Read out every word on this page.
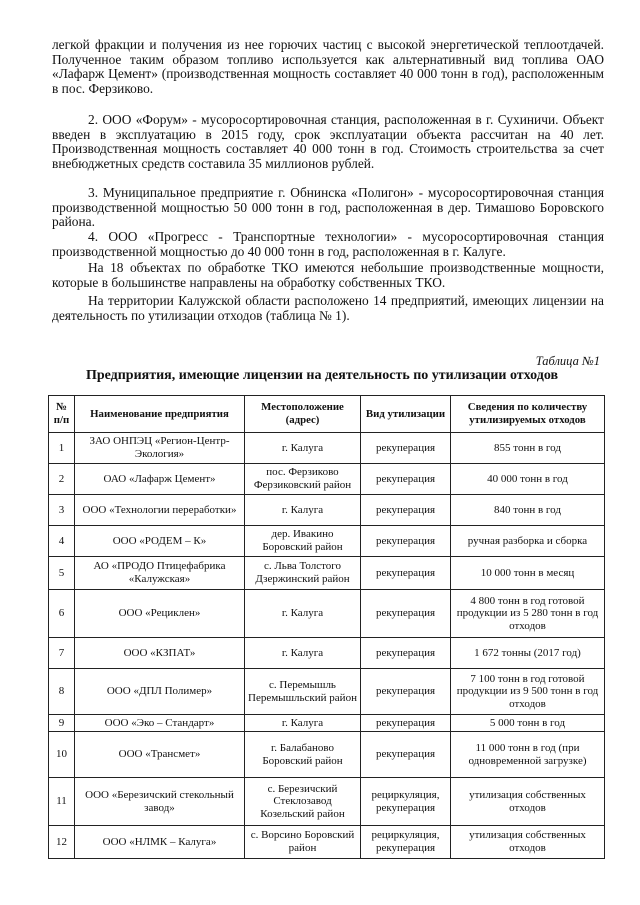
легкой фракции и получения из нее горючих частиц с высокой энергетической теплоотдачей. Полученное таким образом топливо используется как альтернативный вид топлива ОАО «Лафарж Цемент» (производственная мощность составляет 40 000 тонн в год), расположенным в пос. Ферзиково.

2. ООО «Форум» - мусоросортировочная станция, расположенная в г. Сухиничи. Объект введен в эксплуатацию в 2015 году, срок эксплуатации объекта рассчитан на 40 лет. Производственная мощность составляет 40 000 тонн в год. Стоимость строительства за счет внебюджетных средств составила 35 миллионов рублей.

3. Муниципальное предприятие г. Обнинска «Полигон» - мусоросортировочная станция производственной мощностью 50 000 тонн в год, расположенная в дер. Тимашово Боровского района.

4. ООО «Прогресс - Транспортные технологии» - мусоросортировочная станция производственной мощностью до 40 000 тонн в год, расположенная в г. Калуге.

На 18 объектах по обработке ТКО имеются небольшие производственные мощности, которые в большинстве направлены на обработку собственных ТКО.

На территории Калужской области расположено 14 предприятий, имеющих лицензии на деятельность по утилизации отходов (таблица № 1).

Таблица №1
Предприятия, имеющие лицензии на деятельность по утилизации отходов
№ п/п	Наименование предприятия	Местоположение (адрес)	Вид утилизации	Сведения по количеству утилизируемых отходов
1	ЗАО ОНПЭЦ «Регион-Центр-Экология»	г. Калуга	рекуперация	855 тонн в год
2	ОАО «Лафарж Цемент»	пос. Ферзиково Ферзиковский район	рекуперация	40 000 тонн в год
3	ООО «Технологии переработки»	г. Калуга	рекуперация	840 тонн в год
4	ООО «РОДЕМ – К»	дер. Ивакино Боровский район	рекуперация	ручная разборка и сборка
5	АО «ПРОДО Птицефабрика «Калужская»	с. Льва Толстого Дзержинский район	рекуперация	10 000 тонн в месяц
6	ООО «Рециклен»	г. Калуга	рекуперация	4 800 тонн в год готовой продукции из 5 280 тонн в год отходов
7	ООО «КЗПАТ»	г. Калуга	рекуперация	1 672 тонны (2017 год)
8	ООО «ДПЛ Полимер»	с. Перемышль Перемышльский район	рекуперация	7 100 тонн в год готовой продукции из 9 500 тонн в год отходов
9	ООО «Эко – Стандарт»	г. Калуга	рекуперация	5 000 тонн в год
10	ООО «Трансмет»	г. Балабаново Боровский район	рекуперация	11 000 тонн в год (при одновременной загрузке)
11	ООО «Березичский стекольный завод»	с. Березичский Стеклозавод Козельский район	рециркуляция, рекуперация	утилизация собственных отходов
12	ООО «НЛМК – Калуга»	с. Ворсино Боровский район	рециркуляция, рекуперация	утилизация собственных отходов
